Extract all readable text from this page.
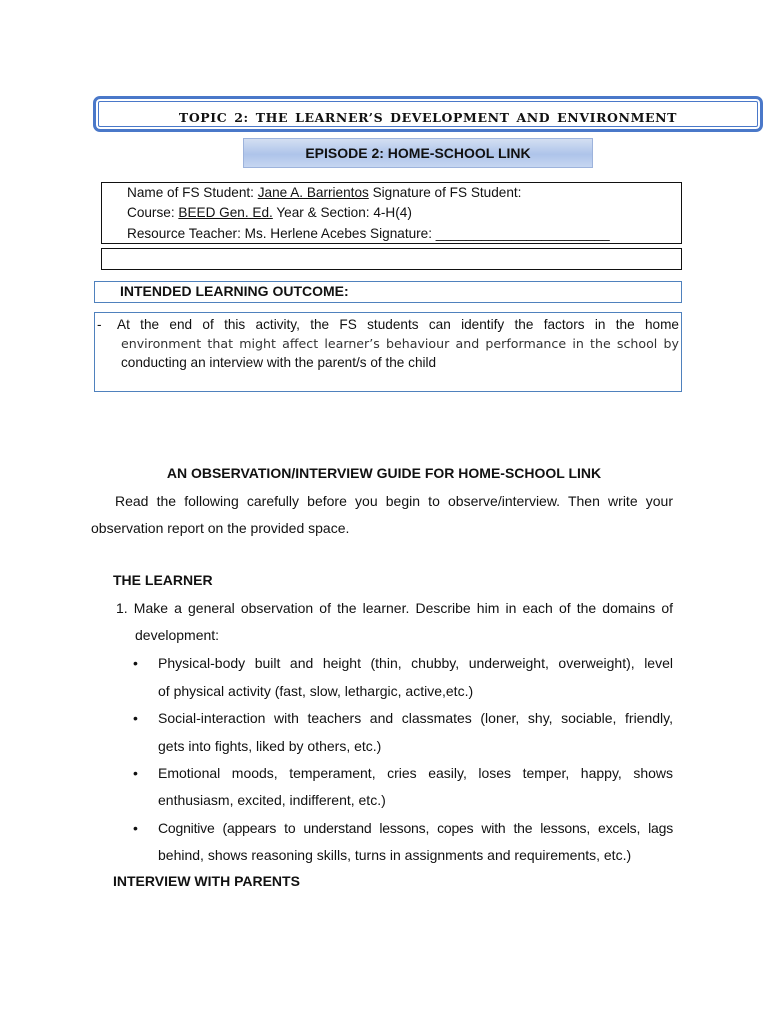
TOPIC 2: THE LEARNER’S DEVELOPMENT AND ENVIRONMENT
EPISODE 2: HOME-SCHOOL LINK
Name of FS Student: Jane A. Barrientos Signature of FS Student:
Course: BEED Gen. Ed. Year & Section: 4-H(4)
Resource Teacher: Ms. Herlene Acebes Signature: _______________________
INTENDED LEARNING OUTCOME:
- At the end of this activity, the FS students can identify the factors in the home
environment that might affect learner’s behaviour and performance in the school by
conducting an interview with the parent/s of the child
AN OBSERVATION/INTERVIEW GUIDE FOR HOME-SCHOOL LINK
Read the following carefully before you begin to observe/interview. Then write your
observation report on the provided space.
THE LEARNER
1. Make a general observation of the learner. Describe him in each of the domains of
development:
• Physical-body built and height (thin, chubby, underweight, overweight), level
of physical activity (fast, slow, lethargic, active,etc.)
• Social-interaction with teachers and classmates (loner, shy, sociable, friendly,
gets into fights, liked by others, etc.)
• Emotional moods, temperament, cries easily, loses temper, happy, shows
enthusiasm, excited, indifferent, etc.)
• Cognitive (appears to understand lessons, copes with the lessons, excels, lags
behind, shows reasoning skills, turns in assignments and requirements, etc.)
INTERVIEW WITH PARENTS
